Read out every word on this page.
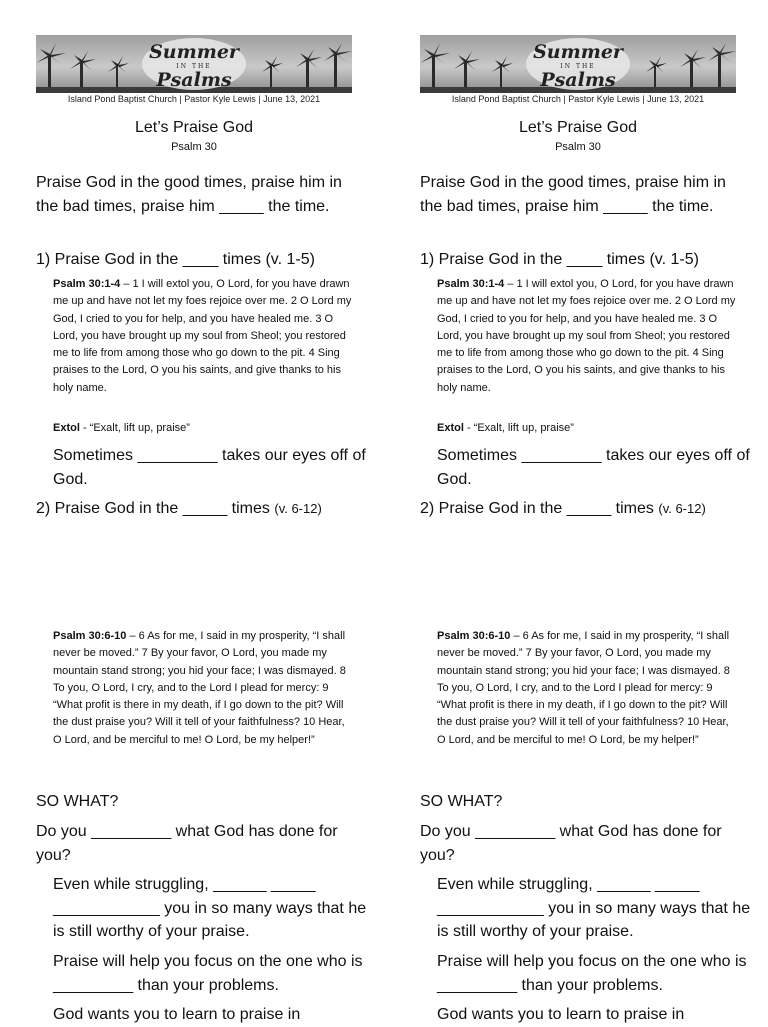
Summer
IN THE
Psalms
Island Pond Baptist Church | Pastor Kyle Lewis | June 13, 2021
Let’s Praise God
Psalm 30
Praise God in the good times, praise him in the bad times, praise him _____ the time.
1) Praise God in the ____ times (v. 1-5)
Psalm 30:1-4 – 1 I will extol you, O Lord, for you have drawn me up and have not let my foes rejoice over me. 2 O Lord my God, I cried to you for help, and you have healed me. 3 O Lord, you have brought up my soul from Sheol; you restored me to life from among those who go down to the pit. 4 Sing praises to the Lord, O you his saints, and give thanks to his holy name.
Extol - “Exalt, lift up, praise”
Sometimes _________ takes our eyes off of God.
2) Praise God in the _____ times (v. 6-12)
Psalm 30:6-10 – 6 As for me, I said in my prosperity, “I shall never be moved.” 7 By your favor, O Lord, you made my mountain stand strong; you hid your face; I was dismayed. 8 To you, O Lord, I cry, and to the Lord I plead for mercy: 9 “What profit is there in my death, if I go down to the pit? Will the dust praise you? Will it tell of your faithfulness? 10 Hear, O Lord, and be merciful to me! O Lord, be my helper!”
SO WHAT?
Do you _________ what God has done for you?
Even while struggling, ______ _____ ____________ you in so many ways that he is still worthy of your praise.
Praise will help you focus on the one who is _________ than your problems.
God wants you to learn to praise in
Summer
IN THE
Psalms
Island Pond Baptist Church | Pastor Kyle Lewis | June 13, 2021
Let’s Praise God
Psalm 30
Praise God in the good times, praise him in the bad times, praise him _____ the time.
1) Praise God in the ____ times (v. 1-5)
Psalm 30:1-4 – 1 I will extol you, O Lord, for you have drawn me up and have not let my foes rejoice over me. 2 O Lord my God, I cried to you for help, and you have healed me. 3 O Lord, you have brought up my soul from Sheol; you restored me to life from among those who go down to the pit. 4 Sing praises to the Lord, O you his saints, and give thanks to his holy name.
Extol - “Exalt, lift up, praise”
Sometimes _________ takes our eyes off of God.
2) Praise God in the _____ times (v. 6-12)
Psalm 30:6-10 – 6 As for me, I said in my prosperity, “I shall never be moved.” 7 By your favor, O Lord, you made my mountain stand strong; you hid your face; I was dismayed. 8 To you, O Lord, I cry, and to the Lord I plead for mercy: 9 “What profit is there in my death, if I go down to the pit? Will the dust praise you? Will it tell of your faithfulness? 10 Hear, O Lord, and be merciful to me! O Lord, be my helper!”
SO WHAT?
Do you _________ what God has done for you?
Even while struggling, ______ _____ ____________ you in so many ways that he is still worthy of your praise.
Praise will help you focus on the one who is _________ than your problems.
God wants you to learn to praise in
